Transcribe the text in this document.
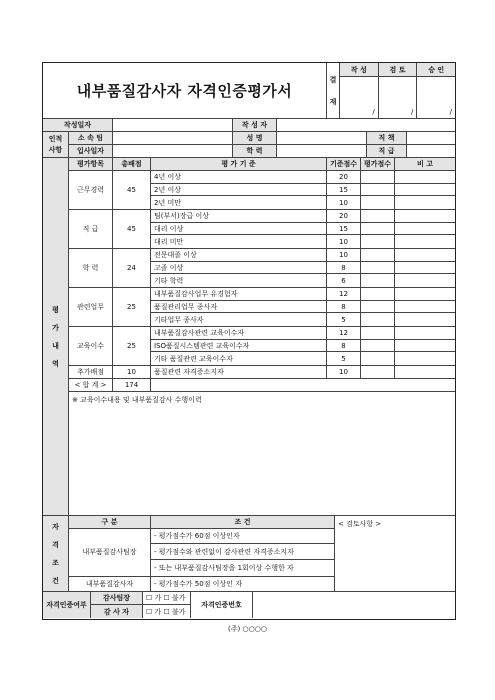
내부품질감사자 자격인증평가서
결
재
작 성	검 토	승 인
/	/	/
작성일자	작 성 자
인적
사항
소 속 팀	성 명	직 책
입사일자	학 력	직 급
평
가
내
역
평가항목	총배점	평 가 기 준	기준점수 평가점수	비 고
근무경력	45
4년 이상	20
2년 이상	15
2년 미만	10
직 급	45
팀(부서)장급 이상	20
대리 이상	15
대리 미만	10
학 력	24
전문대졸 이상	10
고졸 이상	8
기타 학력	6
관련업무	25
내부품질감사업무 유경험자	12
품질관리업무 종사자	8
기타업무 종사자	5
교육이수	25
내부품질감사관련 교육이수자	12
ISO품질시스템관련 교육이수자	8
기타 품질관련 교육이수자	5
추가배점	10	품질관련 자격증소지자	10
< 합 계 >	174
※ 교육이수내용 및 내부품질감사 수행이력
자
격
조
건
구 분	조 건
내부품질감사팀장
- 평가점수가 60점 이상인자
- 평가점수와 관련없이 감사관련 자격증소지자
- 또는 내부품질감사팀장을 1회이상 수행한 자
내부품질감사자	- 평가점수가 50점 이상인 자
< 검토사항 >
자격인증여부
감사팀장	☐ 가 ☐ 불가
감 사 자	☐ 가 ☐ 불가
자격인증번호
(주) ○○○○
